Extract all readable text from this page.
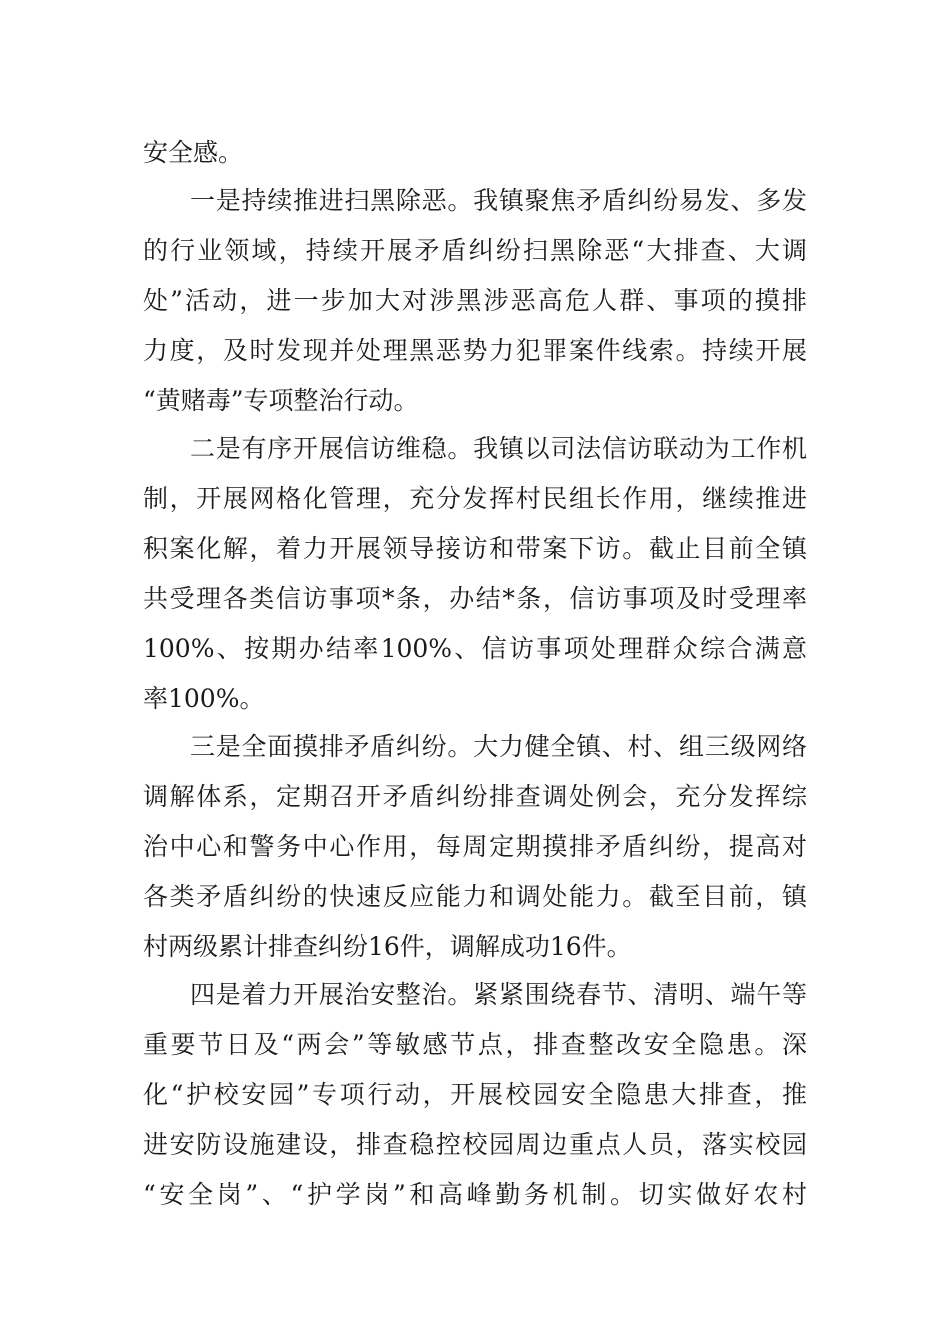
安全感。
一是持续推进扫黑除恶。我镇聚焦矛盾纠纷易发、多发
的行业领域，持续开展矛盾纠纷扫黑除恶“大排查、大调
处”活动，进一步加大对涉黑涉恶高危人群、事项的摸排
力度，及时发现并处理黑恶势力犯罪案件线索。持续开展
“黄赌毒”专项整治行动。
二是有序开展信访维稳。我镇以司法信访联动为工作机
制，开展网格化管理，充分发挥村民组长作用，继续推进
积案化解，着力开展领导接访和带案下访。截止目前全镇
共受理各类信访事项*条，办结*条，信访事项及时受理率
100%、按期办结率100%、信访事项处理群众综合满意
率100%。
三是全面摸排矛盾纠纷。大力健全镇、村、组三级网络
调解体系，定期召开矛盾纠纷排查调处例会，充分发挥综
治中心和警务中心作用，每周定期摸排矛盾纠纷，提高对
各类矛盾纠纷的快速反应能力和调处能力。截至目前，镇
村两级累计排查纠纷16件，调解成功16件。
四是着力开展治安整治。紧紧围绕春节、清明、端午等
重要节日及“两会”等敏感节点，排查整改安全隐患。深
化“护校安园”专项行动，开展校园安全隐患大排查，推
进安防设施建设，排查稳控校园周边重点人员，落实校园
“安全岗”、“护学岗”和高峰勤务机制。切实做好农村
